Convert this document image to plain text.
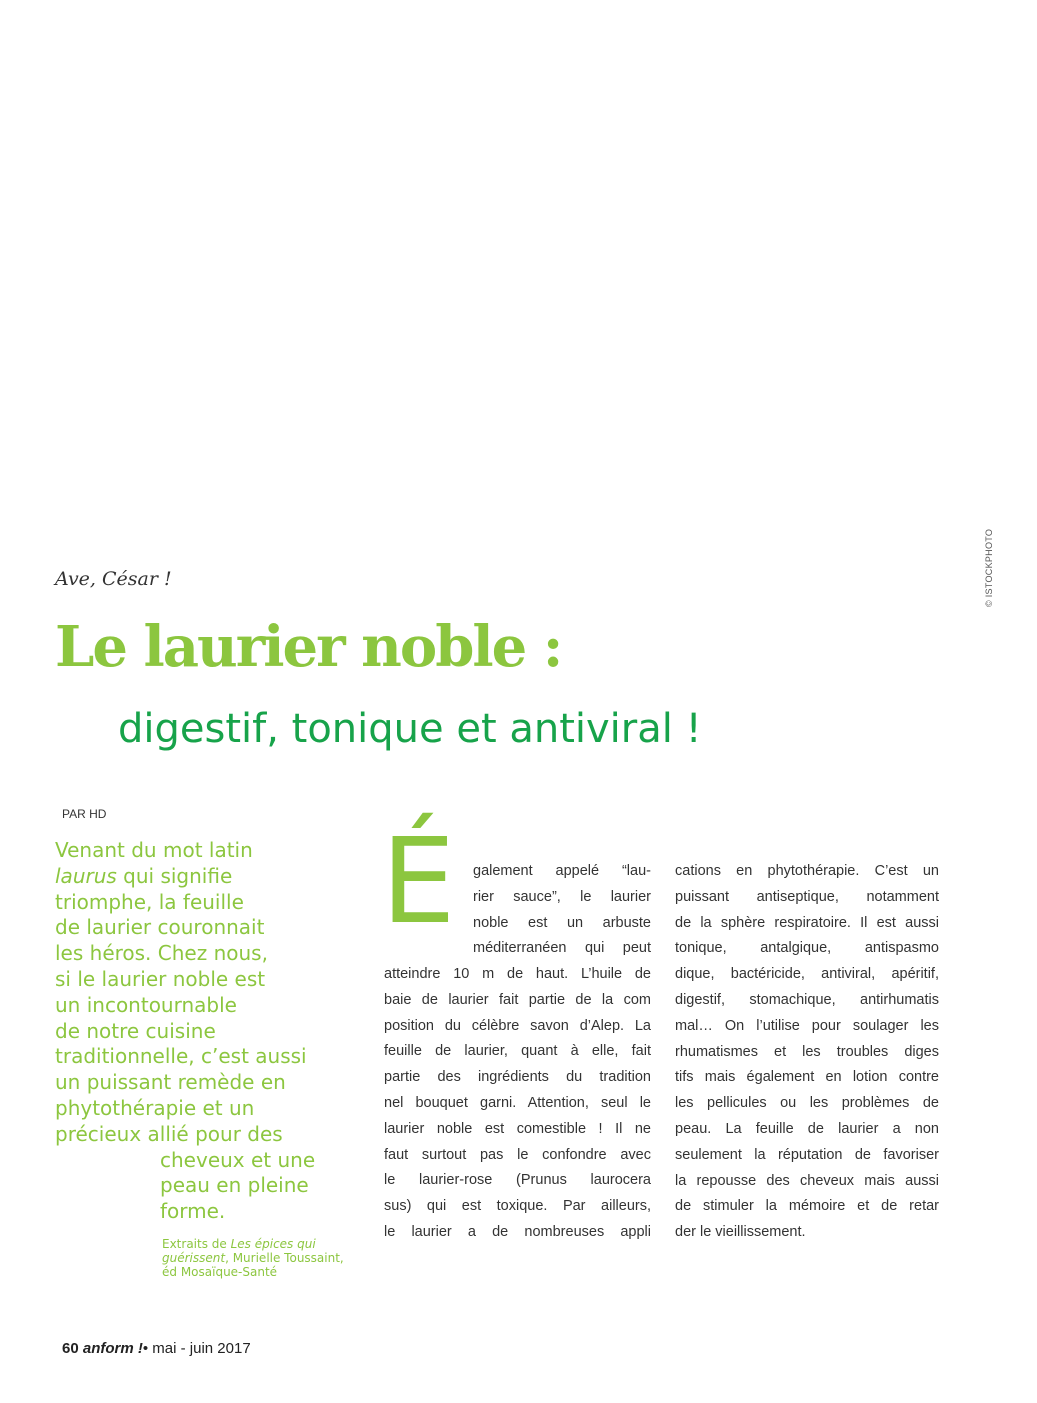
© ISTOCKPHOTO
Ave, César !
Le laurier noble :
digestif, tonique et antiviral !
PAR HD
Venant du mot latin
laurus qui signifie
triomphe, la feuille
de laurier couronnait
les héros. Chez nous,
si le laurier noble est
un incontournable
de notre cuisine
traditionnelle, c’est aussi
un puissant remède en
phytothérapie et un
précieux allié pour des
cheveux et une
peau en pleine
forme.
Extraits de Les épices qui guérissent, Murielle Toussaint, éd Mosaïque-Santé
É galement appelé “lau-
rier sauce”, le laurier
noble est un arbuste
méditerranéen qui peut
atteindre 10 m de haut. L’huile de
baie de laurier fait partie de la com
position du célèbre savon d’Alep. La
feuille de laurier, quant à elle, fait
partie des ingrédients du tradition
nel bouquet garni. Attention, seul le
laurier noble est comestible ! Il ne
faut surtout pas le confondre avec
le laurier-rose (Prunus laurocera
sus) qui est toxique. Par ailleurs,
le laurier a de nombreuses appli
cations en phytothérapie. C’est un
puissant antiseptique, notamment
de la sphère respiratoire. Il est aussi
tonique, antalgique, antispasmo
dique, bactéricide, antiviral, apéritif,
digestif, stomachique, antirhumatis
mal… On l’utilise pour soulager les
rhumatismes et les troubles diges
tifs mais également en lotion contre
les pellicules ou les problèmes de
peau. La feuille de laurier a non
seulement la réputation de favoriser
la repousse des cheveux mais aussi
de stimuler la mémoire et de retar
der le vieillissement.
60 anform !• mai - juin 2017
